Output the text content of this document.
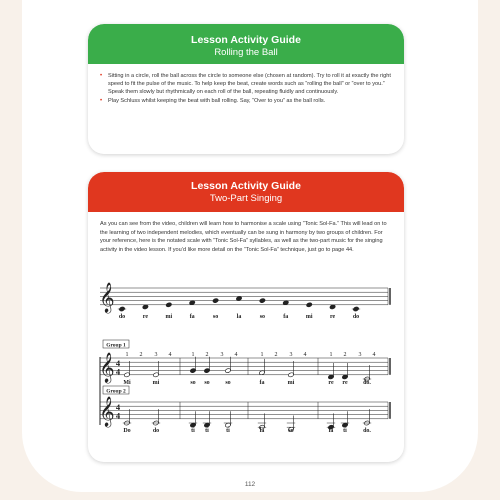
Lesson Activity Guide
Rolling the Ball
• Sitting in a circle, roll the ball across the circle to someone else (chosen at random). Try to roll it at exactly the right speed to fit the pulse of the music. To help keep the beat, create words such as “rolling the ball” or “over to you.” Speak them slowly but rhythmically on each roll of the ball, repeating fluidly and continuously.
• Play Schluss whilst keeping the beat with ball rolling. Say, “Over to you” as the ball rolls.
Lesson Activity Guide
Two-Part Singing
As you can see from the video, children will learn how to harmonise a scale using “Tonic Sol-Fa.” This will lead on to the learning of two independent melodies, which eventually can be sung in harmony by two groups of children. For your reference, here is the notated scale with “Tonic Sol-Fa” syllables, as well as the two-part music for the singing activity in the video lesson. If you’d like more detail on the “Tonic Sol-Fa” technique, just go to page 44.
𝄞
do	re	mi	fa	so	la	so	fa	mi	re	do
Group 1
𝄞 4
4
1 2 3 4	1 2 3 4	1 2 3 4	1 2 3 4
Mi	mi	so so	so	fa	mi	re re	do.
Group 2
𝄞 4
4
Do	do	ti ti	ti	la	so	la ti	do.
112
